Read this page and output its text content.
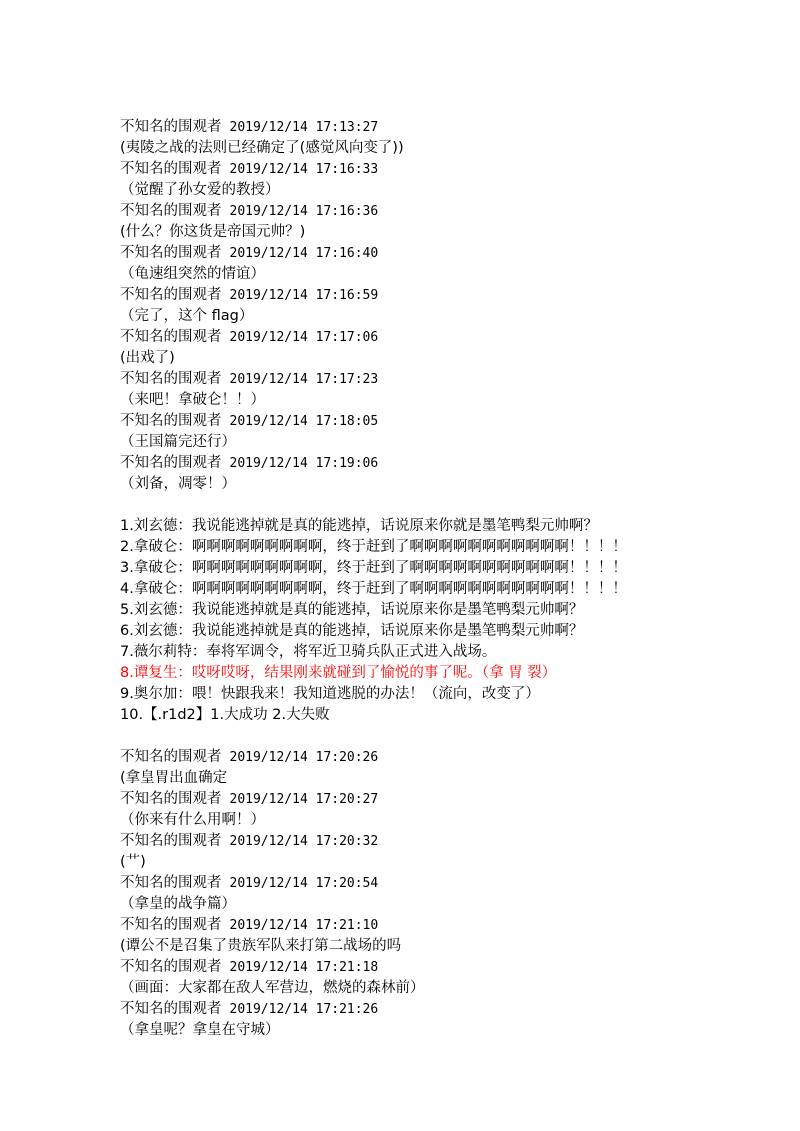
不知名的围观者 2019/12/14 17:13:27
(夷陵之战的法则已经确定了(感觉风向变了))
不知名的围观者 2019/12/14 17:16:33
（觉醒了孙女爱的教授）
不知名的围观者 2019/12/14 17:16:36
(什么？你这货是帝国元帅？)
不知名的围观者 2019/12/14 17:16:40
（龟速组突然的情谊）
不知名的围观者 2019/12/14 17:16:59
（完了，这个 flag）
不知名的围观者 2019/12/14 17:17:06
(出戏了)
不知名的围观者 2019/12/14 17:17:23
（来吧！拿破仑！！）
不知名的围观者 2019/12/14 17:18:05
（王国篇完还行）
不知名的围观者 2019/12/14 17:19:06
（刘备，凋零！）
1.刘玄德：我说能逃掉就是真的能逃掉，话说原来你就是墨笔鸭梨元帅啊？
2.拿破仑：啊啊啊啊啊啊啊啊啊，终于赶到了啊啊啊啊啊啊啊啊啊啊啊！！！！
3.拿破仑：啊啊啊啊啊啊啊啊啊，终于赶到了啊啊啊啊啊啊啊啊啊啊啊！！！！
4.拿破仑：啊啊啊啊啊啊啊啊啊，终于赶到了啊啊啊啊啊啊啊啊啊啊啊！！！！
5.刘玄德：我说能逃掉就是真的能逃掉，话说原来你是墨笔鸭梨元帅啊？
6.刘玄德：我说能逃掉就是真的能逃掉，话说原来你是墨笔鸭梨元帅啊？
7.薇尔莉特：奉将军调令，将军近卫骑兵队正式进入战场。
8.谭复生：哎呀哎呀，结果刚来就碰到了愉悦的事了呢。（拿 胃 裂）
9.奥尔加：喂！快跟我来！我知道逃脱的办法！（流向，改变了）
10.【.r1d2】1.大成功 2.大失败
不知名的围观者 2019/12/14 17:20:26
(拿皇胃出血确定
不知名的围观者 2019/12/14 17:20:27
（你来有什么用啊！）
不知名的围观者 2019/12/14 17:20:32
(艹)
不知名的围观者 2019/12/14 17:20:54
（拿皇的战争篇）
不知名的围观者 2019/12/14 17:21:10
(谭公不是召集了贵族军队来打第二战场的吗
不知名的围观者 2019/12/14 17:21:18
（画面：大家都在敌人军营边，燃烧的森林前）
不知名的围观者 2019/12/14 17:21:26
（拿皇呢？拿皇在守城）
